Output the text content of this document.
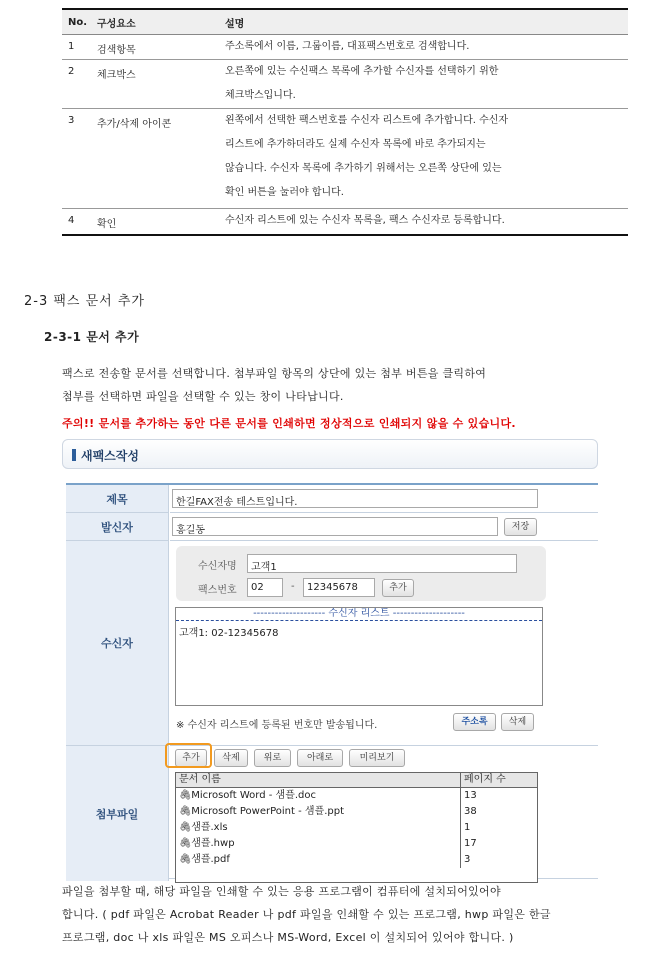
No. 구성요소	설명
1	검색항목	주소록에서 이름, 그룹이름, 대표팩스번호로 검색합니다.
2	체크박스	오른쪽에 있는 수신팩스 목록에 추가할 수신자를 선택하기 위한
체크박스입니다.
3	추가/삭제 아이콘	왼쪽에서 선택한 팩스번호를 수신자 리스트에 추가합니다. 수신자
리스트에 추가하더라도 실제 수신자 목록에 바로 추가되지는
않습니다. 수신자 목록에 추가하기 위해서는 오른쪽 상단에 있는
확인 버튼을 눌러야 합니다.
4	확인	수신자 리스트에 있는 수신자 목록을, 팩스 수신자로 등록합니다.
2-3 팩스 문서 추가
2-3-1 문서 추가
팩스로 전송할 문서를 선택합니다. 첨부파일 항목의 상단에 있는 첨부 버튼을 클릭하여
첨부를 선택하면 파일을 선택할 수 있는 창이 나타납니다.
주의!! 문서를 추가하는 동안 다른 문서를 인쇄하면 정상적으로 인쇄되지 않을 수 있습니다.
새팩스작성
제목	한길FAX전송 테스트입니다.
발신자	홍길동	저장
수신자
수신자명	고객1
팩스번호	02	-	12345678	추가
-------------------- 수신자 리스트 --------------------
고객1: 02-12345678
※ 수신자 리스트에 등록된 번호만 발송됩니다.	주소록	삭제
첨부파일
추가	삭제	위로	아래로	미리보기
문서 이름	페이지 수
🖇 Microsoft Word - 샘플.doc	13
🖇 Microsoft PowerPoint - 샘플.ppt	38
🖇 샘플.xls	1
🖇 샘플.hwp	17
🖇 샘플.pdf	3
파일을 첨부할 때, 해당 파일을 인쇄할 수 있는 응용 프로그램이 컴퓨터에 설치되어있어야
합니다. ( pdf 파일은 Acrobat Reader 나 pdf 파일을 인쇄할 수 있는 프로그램, hwp 파일은 한글
프로그램, doc 나 xls 파일은 MS 오피스나 MS-Word, Excel 이 설치되어 있어야 합니다. )
